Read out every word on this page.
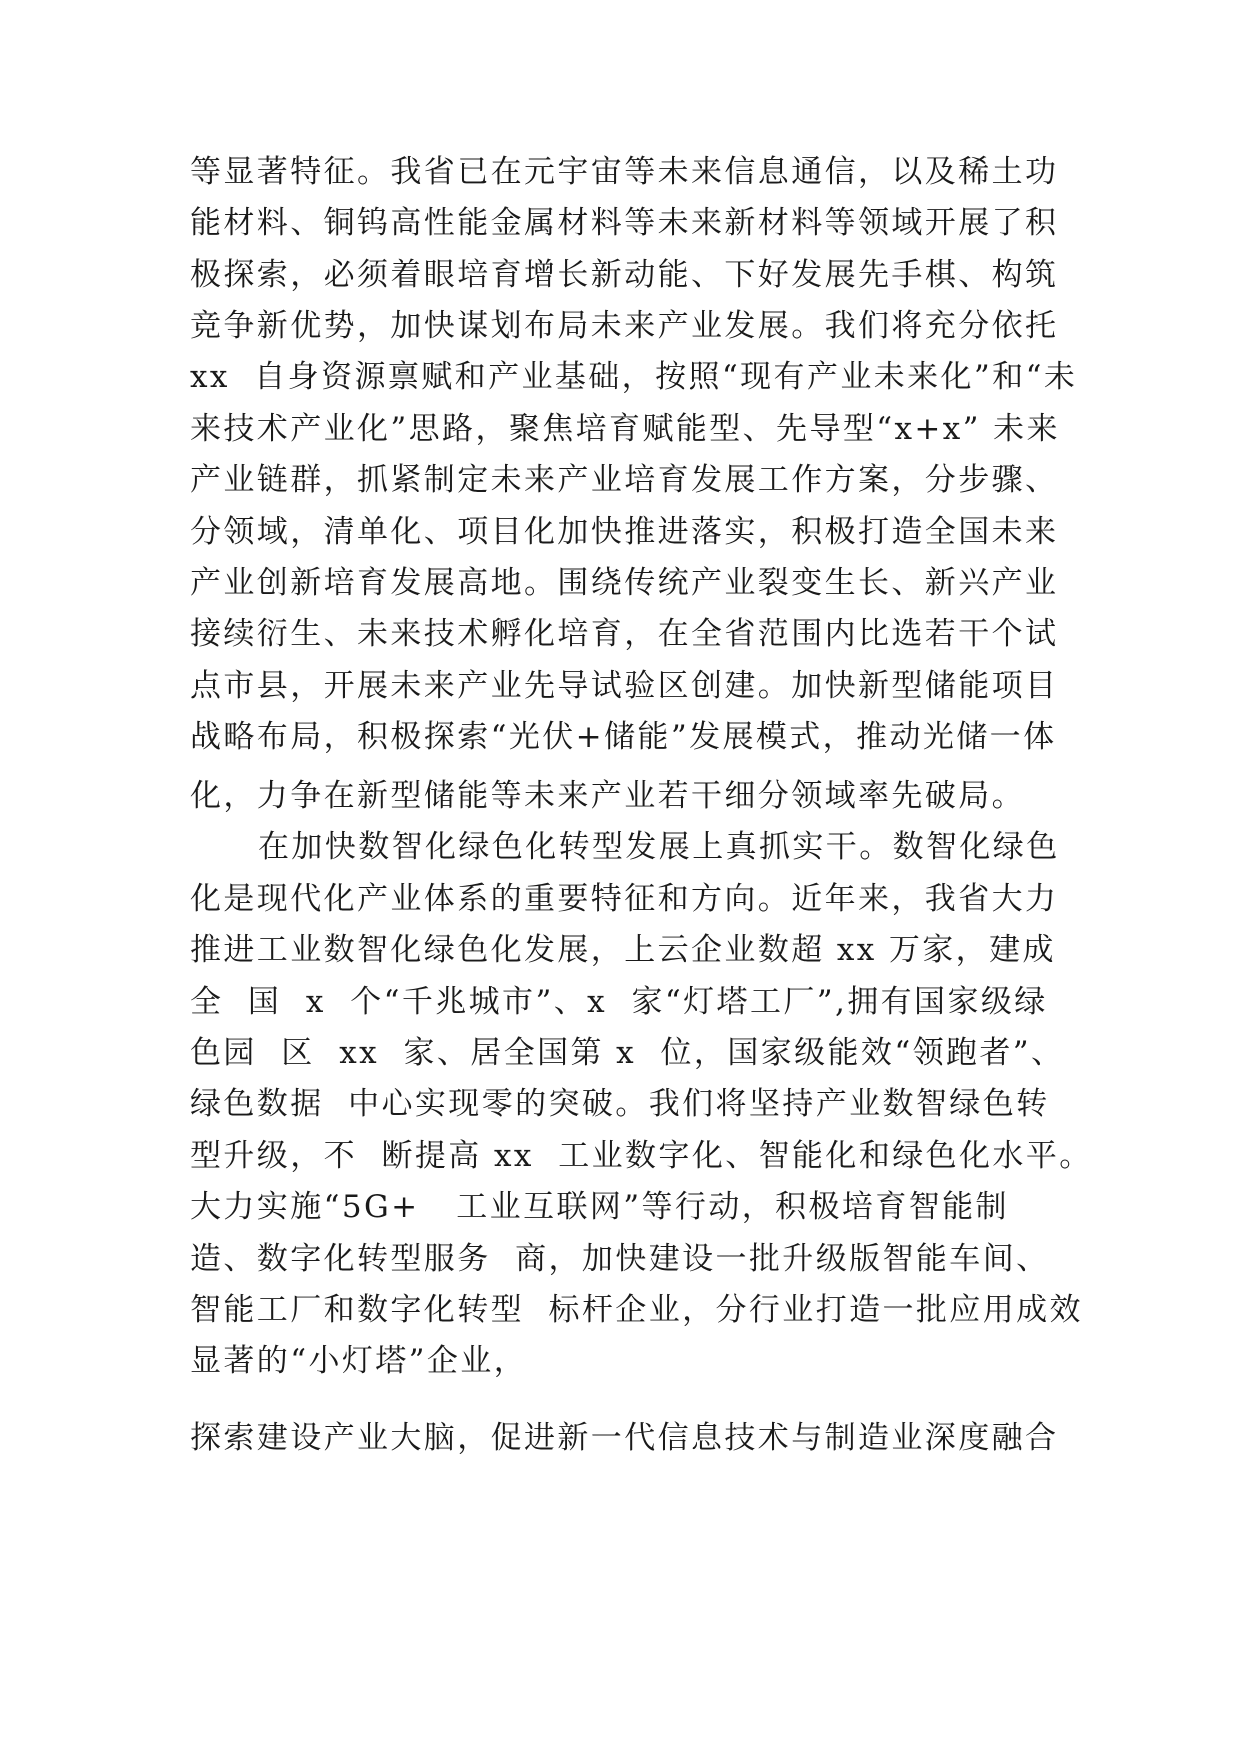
等显著特征。我省已在元宇宙等未来信息通信，以及稀土功
能材料、铜钨高性能金属材料等未来新材料等领域开展了积
极探索，必须着眼培育增长新动能、下好发展先手棋、构筑
竞争新优势，加快谋划布局未来产业发展。我们将充分依托
xx  自身资源禀赋和产业基础，按照“现有产业未来化”和“未
来技术产业化”思路，聚焦培育赋能型、先导型“x+x” 未来
产业链群，抓紧制定未来产业培育发展工作方案，分步骤、
分领域，清单化、项目化加快推进落实，积极打造全国未来
产业创新培育发展高地。围绕传统产业裂变生长、新兴产业
接续衍生、未来技术孵化培育，在全省范围内比选若干个试
点市县，开展未来产业先导试验区创建。加快新型储能项目
战略布局，积极探索“光伏+储能”发展模式，推动光储一体
化，力争在新型储能等未来产业若干细分领域率先破局。
在加快数智化绿色化转型发展上真抓实干。数智化绿色
化是现代化产业体系的重要特征和方向。近年来，我省大力
推进工业数智化绿色化发展，上云企业数超 xx 万家，建成
全  国  x  个“千兆城市”、x  家“灯塔工厂”,拥有国家级绿
色园  区  xx  家、居全国第 x  位，国家级能效“领跑者”、
绿色数据  中心实现零的突破。我们将坚持产业数智绿色转
型升级，不  断提高 xx  工业数字化、智能化和绿色化水平。
大力实施“5G+   工业互联网”等行动，积极培育智能制
造、数字化转型服务  商，加快建设一批升级版智能车间、
智能工厂和数字化转型  标杆企业，分行业打造一批应用成效
显著的“小灯塔”企业，
探索建设产业大脑，促进新一代信息技术与制造业深度融合
